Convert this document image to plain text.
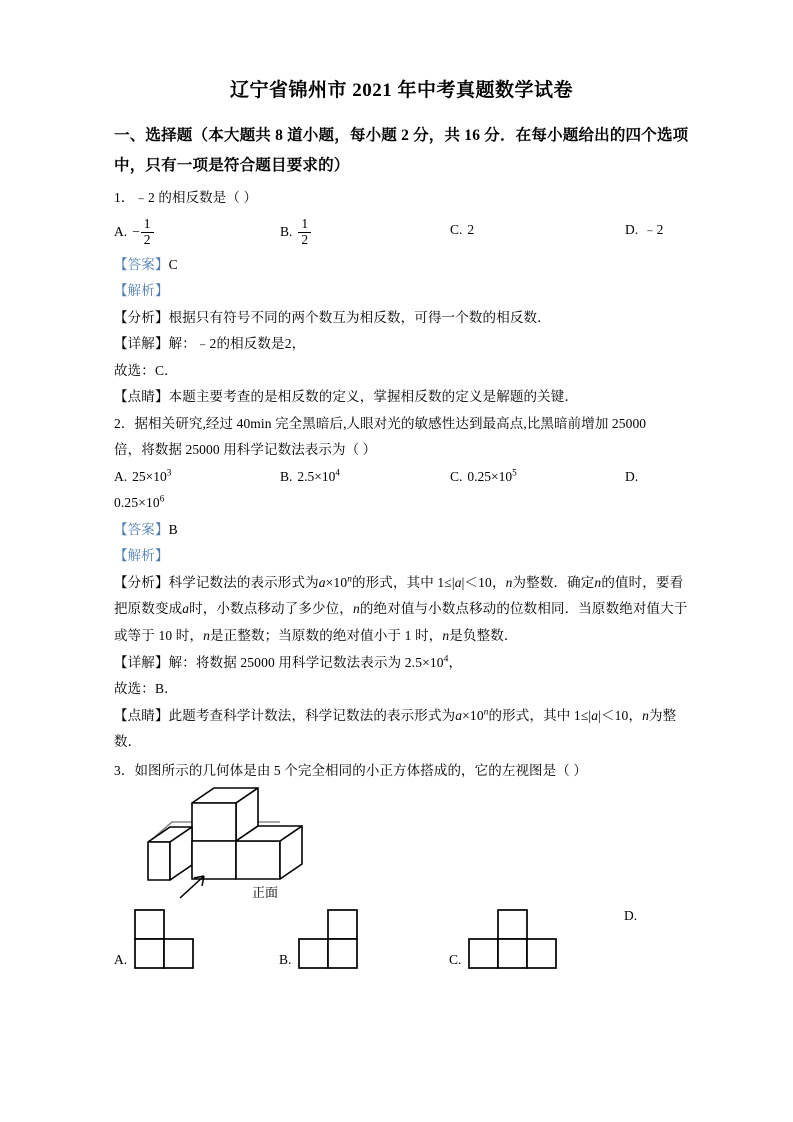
辽宁省锦州市 2021 年中考真题数学试卷
一、选择题（本大题共 8 道小题，每小题 2 分，共 16 分．在每小题给出的四个选项中，只有一项是符合题目要求的）
1．﹣2 的相反数是（ ）
A. − $\frac{1}{2}$	B. $\frac{1}{2}$	C. 2	D. ﹣2
【答案】C
【解析】
【分析】根据只有符号不同的两个数互为相反数，可得一个数的相反数．
【详解】解：﹣2的相反数是2，
故选：C．
【点睛】本题主要考查的是相反数的定义，掌握相反数的定义是解题的关键．
2．据相关研究,经过 40min 完全黑暗后,人眼对光的敏感性达到最高点,比黑暗前增加 25000
倍，将数据 25000 用科学记数法表示为（ ）
A. $25\times 10^3$	B. $2.5\times 10^4$	C. $0.25\times 10^5$	D.
$0.25\times 10^6$
【答案】B
【解析】
【分析】科学记数法的表示形式为$a\times 10^n$的形式，其中 1≤|a|＜10，n为整数．确定n的值时，要看把原数变成a时，小数点移动了多少位，n的绝对值与小数点移动的位数相同．当原数绝对值大于或等于 10 时，n是正整数；当原数的绝对值小于 1 时，n是负整数．
【详解】解：将数据 25000 用科学记数法表示为 $2.5\times 10^4$，
故选：B．
【点睛】此题考查科学计数法，科学记数法的表示形式为$a\times 10^n$的形式，其中 1≤|a|＜10，n为整数．
3．如图所示的几何体是由 5 个完全相同的小正方体搭成的，它的左视图是（ ）
正面
A.	B.	C.
D.
